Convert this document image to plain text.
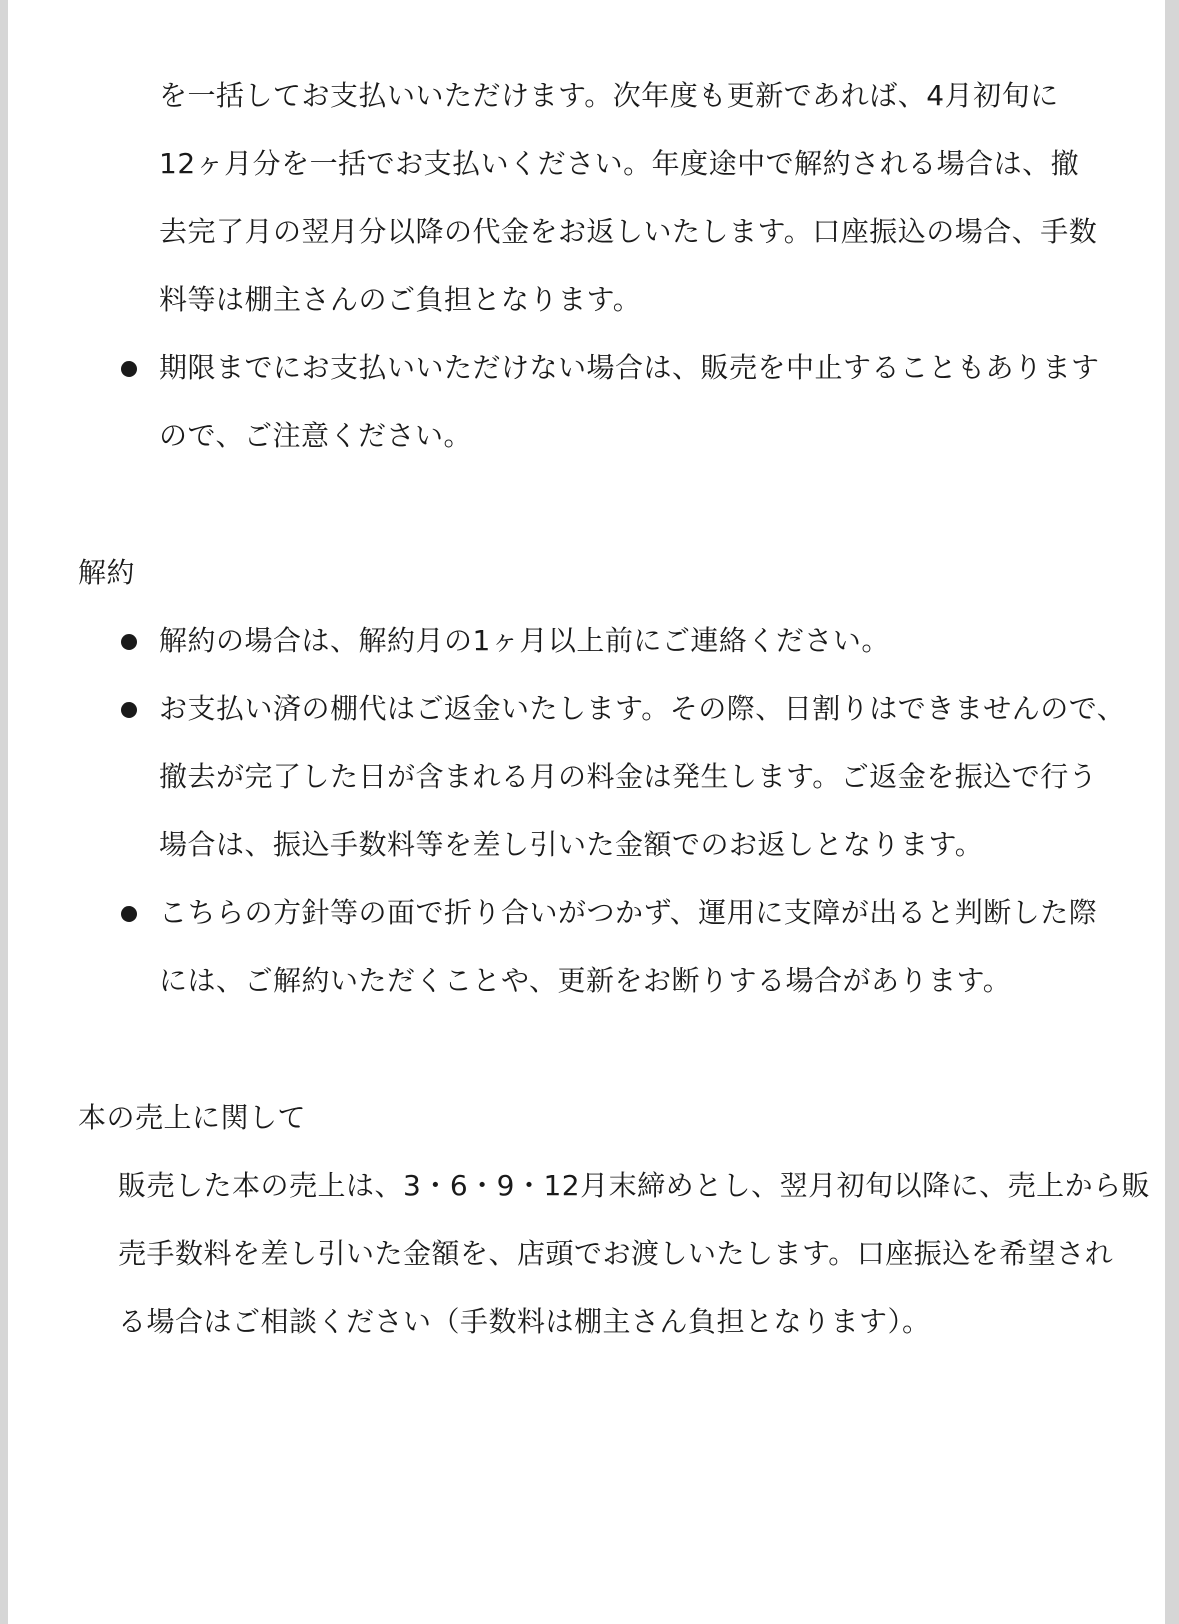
を一括してお支払いいただけます。次年度も更新であれば、4月初旬に
12ヶ月分を一括でお支払いください。年度途中で解約される場合は、撤
去完了月の翌月分以降の代金をお返しいたします。口座振込の場合、手数
料等は棚主さんのご負担となります。
期限までにお支払いいただけない場合は、販売を中止することもあります
ので、ご注意ください。
解約
解約の場合は、解約月の1ヶ月以上前にご連絡ください。
お支払い済の棚代はご返金いたします。その際、日割りはできませんので、
撤去が完了した日が含まれる月の料金は発生します。ご返金を振込で行う
場合は、振込手数料等を差し引いた金額でのお返しとなります。
こちらの方針等の面で折り合いがつかず、運用に支障が出ると判断した際
には、ご解約いただくことや、更新をお断りする場合があります。
本の売上に関して
販売した本の売上は、3・6・9・12月末締めとし、翌月初旬以降に、売上から販
売手数料を差し引いた金額を、店頭でお渡しいたします。口座振込を希望され
る場合はご相談ください（手数料は棚主さん負担となります）。
